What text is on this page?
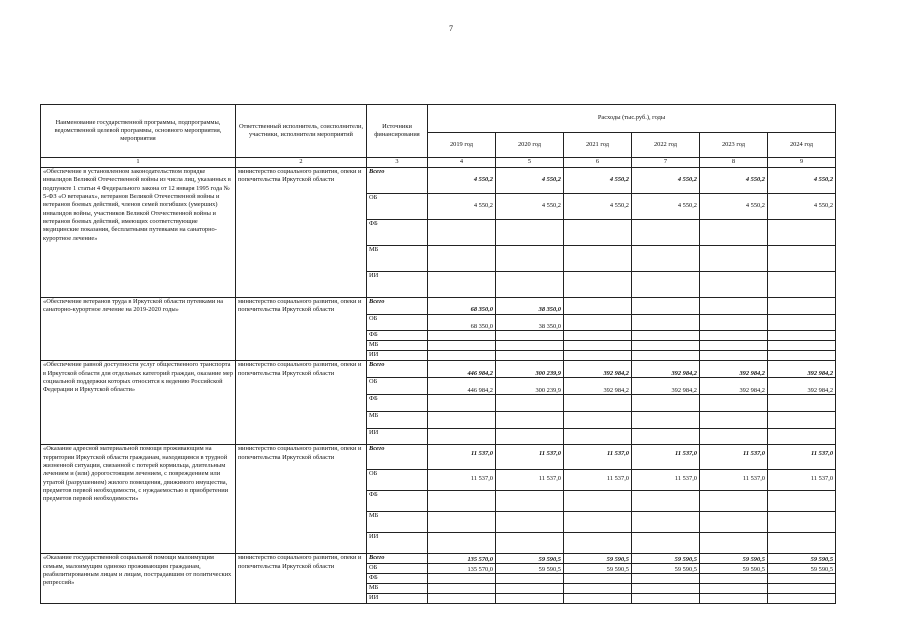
7
Наименование государственной программы, подпрограммы, ведомственной целевой программы, основного мероприятия, мероприятия	Ответственный исполнитель, соисполнители, участники, исполнители мероприятий	Источники финансирования	Расходы (тыс.руб.), годы					
			2019 год	2020 год	2021 год	2022 год	2023 год	2024 год
1	2	3	4	5	6	7	8	9
«Обеспечение в установленном законодательством порядке инвалидов Великой Отечественной войны из числа лиц, указанных в подпункте 1 статьи 4 Федерального закона от 12 января 1995 года № 5-ФЗ «О ветеранах», ветеранов Великой Отечественной войны и ветеранов боевых действий, членов семей погибших (умерших) инвалидов войны, участников Великой Отечественной войны и ветеранов боевых действий, имеющих соответствующие медицинские показания, бесплатными путевками на санаторно-курортное лечение»	министерство социального развития, опеки и попечительства Иркутской области	Всего	4 550,2	4 550,2	4 550,2	4 550,2	4 550,2	4 550,2
		ОБ	4 550,2	4 550,2	4 550,2	4 550,2	4 550,2	4 550,2
		ФБ						
		МБ						
		ИИ						
«Обеспечение ветеранов труда в Иркутской области путевками на санаторно-курортное лечение на 2019-2020 годы»	министерство социального развития, опеки и попечительства Иркутской области	Всего	68 350,0	38 350,0				
		ОБ	68 350,0	38 350,0				
		ФБ						
		МБ						
		ИИ						
«Обеспечение равной доступности услуг общественного транспорта в Иркутской области для отдельных категорий граждан, оказание мер социальной поддержки которых относится к ведению Российской Федерации и Иркутской области»	министерство социального развития, опеки и попечительства Иркутской области	Всего	446 984,2	300 239,9	392 984,2	392 984,2	392 984,2	392 984,2
		ОБ	446 984,2	300 239,9	392 984,2	392 984,2	392 984,2	392 984,2
		ФБ						
		МБ						
		ИИ						
«Оказание адресной материальной помощи проживающим на территории Иркутской области гражданам, находящимся в трудной жизненной ситуации, связанной с потерей кормильца, длительным лечением и (или) дорогостоящим лечением, с повреждением или утратой (разрушением) жилого помещения, движимого имущества, предметов первой необходимости, с нуждаемостью в приобретении предметов первой необходимости»	министерство социального развития, опеки и попечительства Иркутской области	Всего	11 537,0	11 537,0	11 537,0	11 537,0	11 537,0	11 537,0
		ОБ	11 537,0	11 537,0	11 537,0	11 537,0	11 537,0	11 537,0
		ФБ						
		МБ						
		ИИ						
«Оказание государственной социальной помощи малоимущим семьям, малоимущим одиноко проживающим гражданам, реабилитированным лицам и лицам, пострадавшим от политических репрессий»	министерство социального развития, опеки и попечительства Иркутской области	Всего	135 570,0	59 590,5	59 590,5	59 590,5	59 590,5	59 590,5
		ОБ	135 570,0	59 590,5	59 590,5	59 590,5	59 590,5	59 590,5
		ФБ						
		МБ						
		ИИ						
